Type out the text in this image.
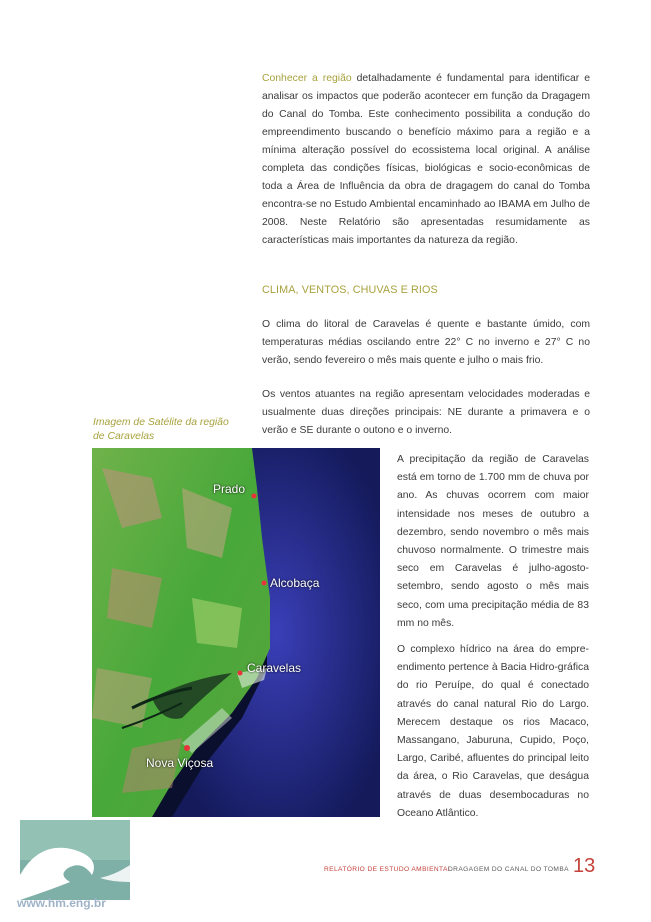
Conhecer a região detalhadamente é fundamental para identificar e analisar os impactos que poderão acontecer em função da Dragagem do Canal do Tomba. Este conhecimento possibilita a condução do empreendimento buscando o benefício máximo para a região e a mínima alteração possível do ecossistema local original. A análise completa das condições físicas, biológicas e socio-econômicas de toda a Área de Influência da obra de dragagem do canal do Tomba encontra-se no Estudo Ambiental encaminhado ao IBAMA em Julho de 2008. Neste Relatório são apresentadas resumidamente as características mais importantes da natureza da região.
CLIMA, VENTOS, CHUVAS E RIOS
O clima do litoral de Caravelas é quente e bastante úmido, com temperaturas médias oscilando entre 22° C no inverno e 27° C no verão, sendo fevereiro o mês mais quente e julho o mais frio.
Os ventos atuantes na região apresentam velocidades moderadas e usualmente duas direções principais: NE durante a primavera e o verão e SE durante o outono e o inverno.
Imagem de Satélite da região de Caravelas
Prado
Alcobaça
Caravelas
Nova Viçosa
A precipitação da região de Caravelas está em torno de 1.700 mm de chuva por ano. As chuvas ocorrem com maior intensidade nos meses de outubro a dezembro, sendo novembro o mês mais chuvoso normalmente. O trimestre mais seco em Caravelas é julho-agosto-setembro, sendo agosto o mês mais seco, com uma precipitação média de 83 mm no mês.
O complexo hídrico na área do empre-endimento pertence à Bacia Hidro-gráfica do rio Peruípe, do qual é conectado através do canal natural Rio do Largo. Merecem destaque os rios Macaco, Massangano, Jaburuna, Cupido, Poço, Largo, Caribé, afluentes do principal leito da área, o Rio Caravelas, que deságua através de duas desembocaduras no Oceano Atlântico.
www.hm.eng.br
RELATÓRIO DE ESTUDO AMBIENTAL
DRAGAGEM DO CANAL DO TOMBA 13
